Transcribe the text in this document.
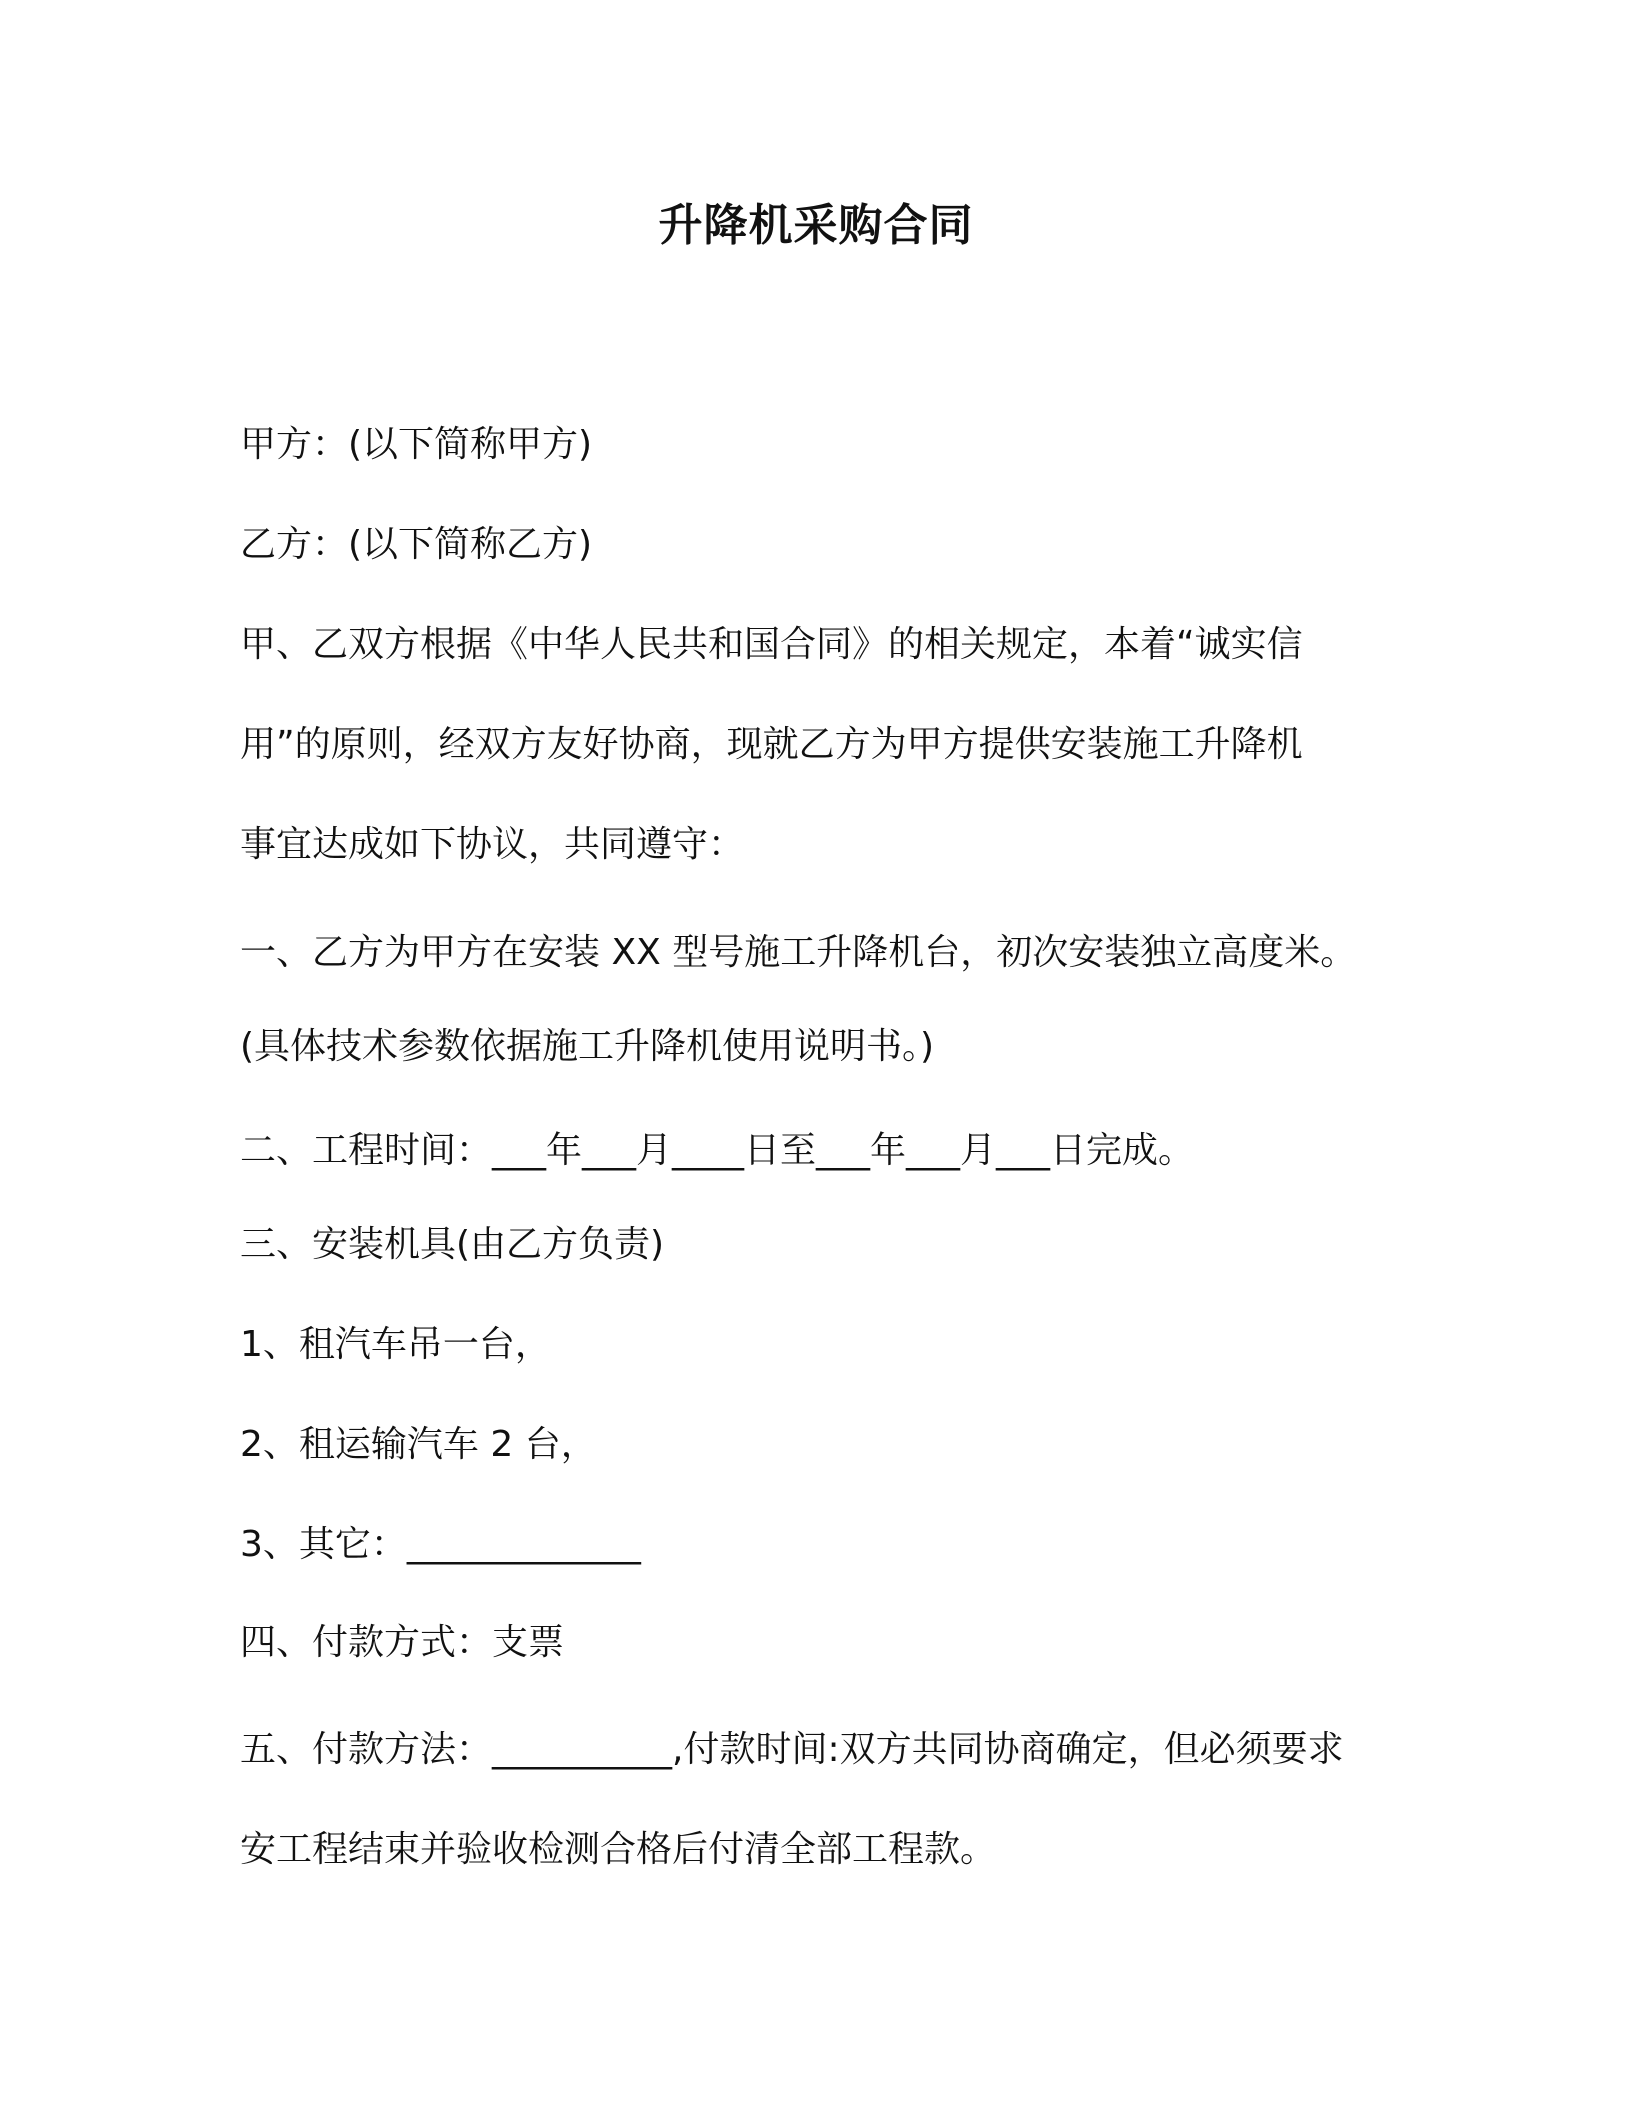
升降机采购合同

甲方：(以下简称甲方)

乙方：(以下简称乙方)

甲、乙双方根据《中华人民共和国合同》的相关规定，本着“诚实信

用”的原则，经双方友好协商，现就乙方为甲方提供安装施工升降机

事宜达成如下协议，共同遵守：

一、乙方为甲方在安装 XX 型号施工升降机台，初次安装独立高度米。

(具体技术参数依据施工升降机使用说明书。)

二、工程时间：___年___月____日至___年___月___日完成。

三、安装机具(由乙方负责)

1、租汽车吊一台，

2、租运输汽车 2 台，

3、其它：_____________

四、付款方式：支票

五、付款方法：__________,付款时间:双方共同协商确定，但必须要求

安工程结束并验收检测合格后付清全部工程款。
